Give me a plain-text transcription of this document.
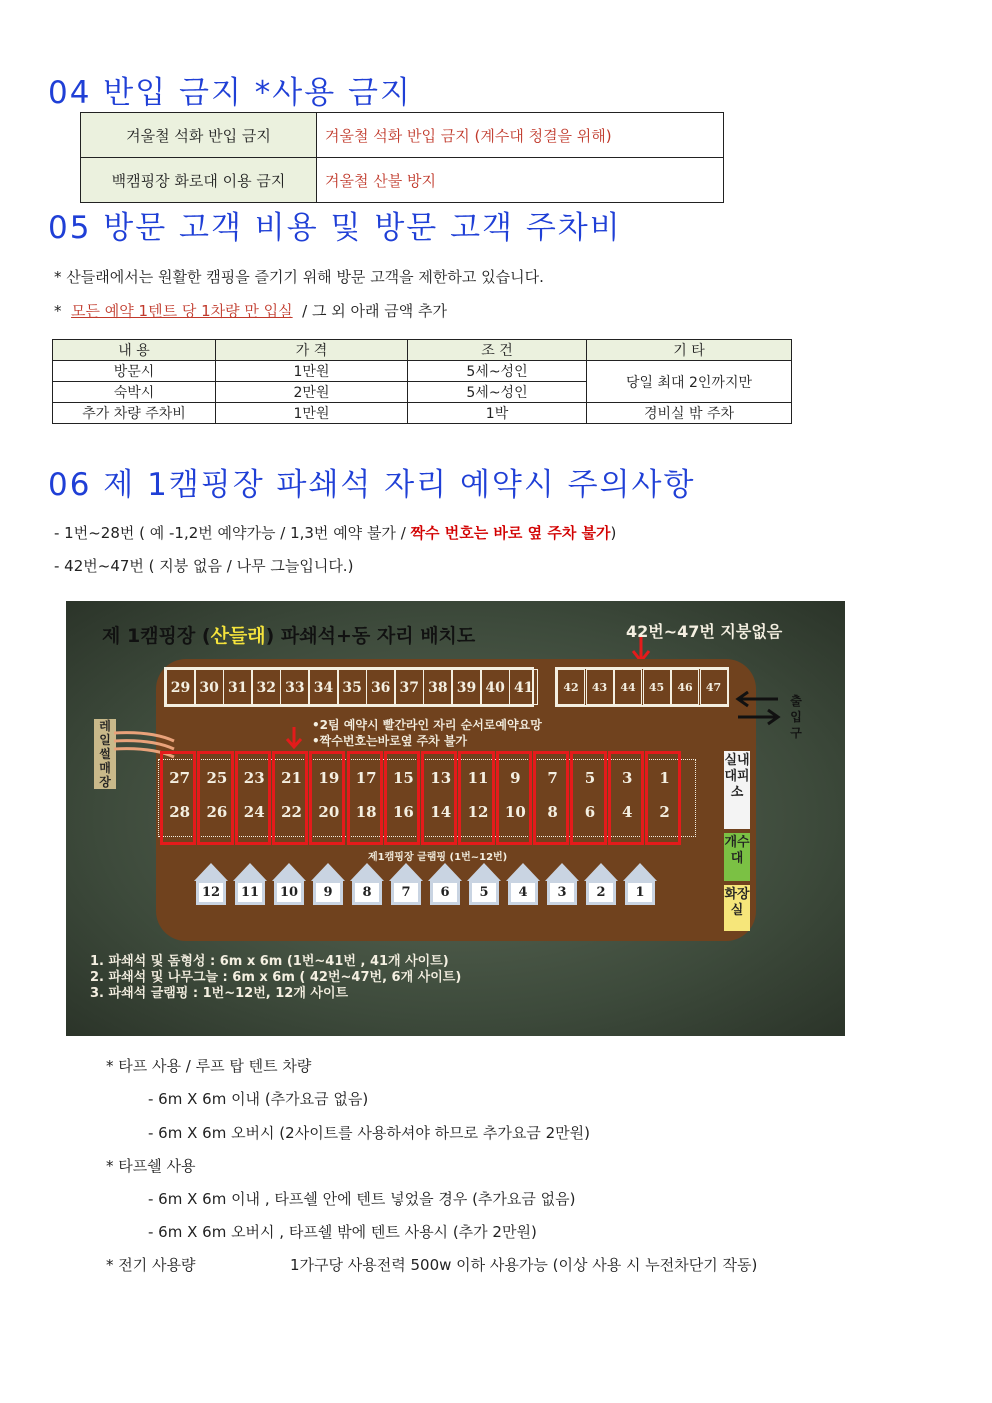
04 반입 금지 *사용 금지
겨울철 석화 반입 금지	겨울철 석화 반입 금지 (계수대 청결을 위해)
백캠핑장 화로대 이용 금지	겨울철 산불 방지
05 방문 고객 비용 및 방문 고객 주차비

* 산들래에서는 원활한 캠핑을 즐기기 위해 방문 고객을 제한하고 있습니다.

* 모든 예약 1텐트 당 1차량 만 입실 / 그 외 아래 금액 추가

내 용	가 격	조 건	기 타
방문시	1만원	5세~성인	당일 최대 2인까지만
숙박시	2만원	5세~성인	
추가 차량 주차비	1만원	1박	경비실 밖 주차
06 제 1캠핑장 파쇄석 자리 예약시 주의사항

- 1번~28번 ( 예 -1,2번 예약가능 / 1,3번 예약 불가 / 짝수 번호는 바로 옆 주차 불가)

- 42번~47번 ( 지붕 없음 / 나무 그늘입니다.)

제 1캠핑장 (산들래) 파쇄석+동 자리 배치도	42번~47번 지붕없음
•2팀 예약시 빨간라인 자리 순서로예약요망
•짝수번호는바로옆 주차 불가
제1캠핑장 글램핑 (1번~12번)
레일썰매장
출입구
실내대피소
개수대
화장실
1. 파쇄석 및 돔형성 : 6m x 6m (1번~41번 , 41개 사이트)
2. 파쇄석 및 나무그늘 : 6m x 6m ( 42번~47번, 6개 사이트)
3. 파쇄석 글램핑 : 1번~12번, 12개 사이트
29 30 31 32 33 34 35 36 37 38 39 40 41	42	43	44	45	46	47
27	25	23	21	19	17	15	13	11	9	7	5	3	1
28	26	24	22	20	18	16	14	12	10	8	6	4	2
12 11 10	9	8	7	6	5	4	3	2	1

* 타프 사용 / 루프 탑 텐트 차량

- 6m X 6m 이내 (추가요금 없음)

- 6m X 6m 오버시 (2사이트를 사용하셔야 하므로 추가요금 2만원)

* 타프쉘 사용

- 6m X 6m 이내 , 타프쉘 안에 텐트 넣었을 경우 (추가요금 없음)

- 6m X 6m 오버시 , 타프쉘 밖에 텐트 사용시 (추가 2만원)

* 전기 사용량	1가구당 사용전력 500w 이하 사용가능 (이상 사용 시 누전차단기 작동)
